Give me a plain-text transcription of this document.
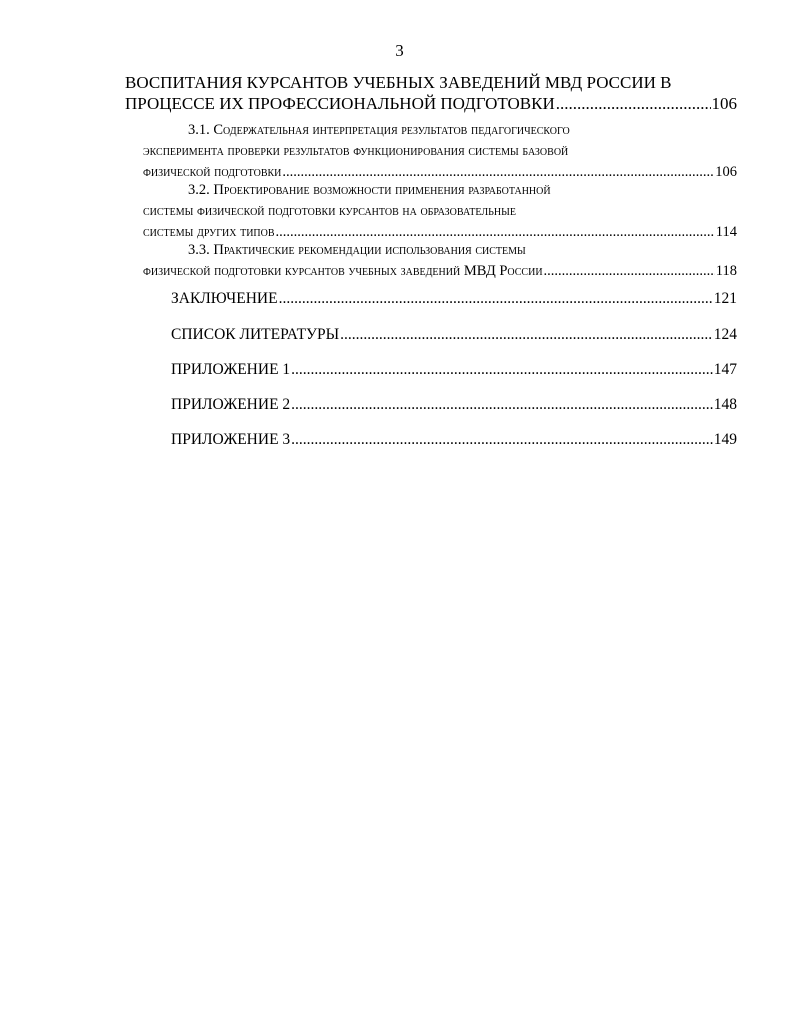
3
ВОСПИТАНИЯ КУРСАНТОВ УЧЕБНЫХ ЗАВЕДЕНИЙ МВД РОССИИ В
ПРОЦЕССЕ ИХ ПРОФЕССИОНАЛЬНОЙ ПОДГОТОВКИ .....	106
3.1. Содержательная интерпретация результатов педагогического
эксперимента проверки результатов функционирования системы базовой
физической подготовки .....	106
3.2. Проектирование возможности применения разработанной
системы физической подготовки курсантов на образовательные
системы других типов .....	114
3.3. Практические рекомендации использования системы
физической подготовки курсантов учебных заведений МВД России .....	118
ЗАКЛЮЧЕНИЕ .....	121
СПИСОК ЛИТЕРАТУРЫ .....	124
ПРИЛОЖЕНИЕ 1 .....	147
ПРИЛОЖЕНИЕ 2 .....	148
ПРИЛОЖЕНИЕ 3 .....	149
